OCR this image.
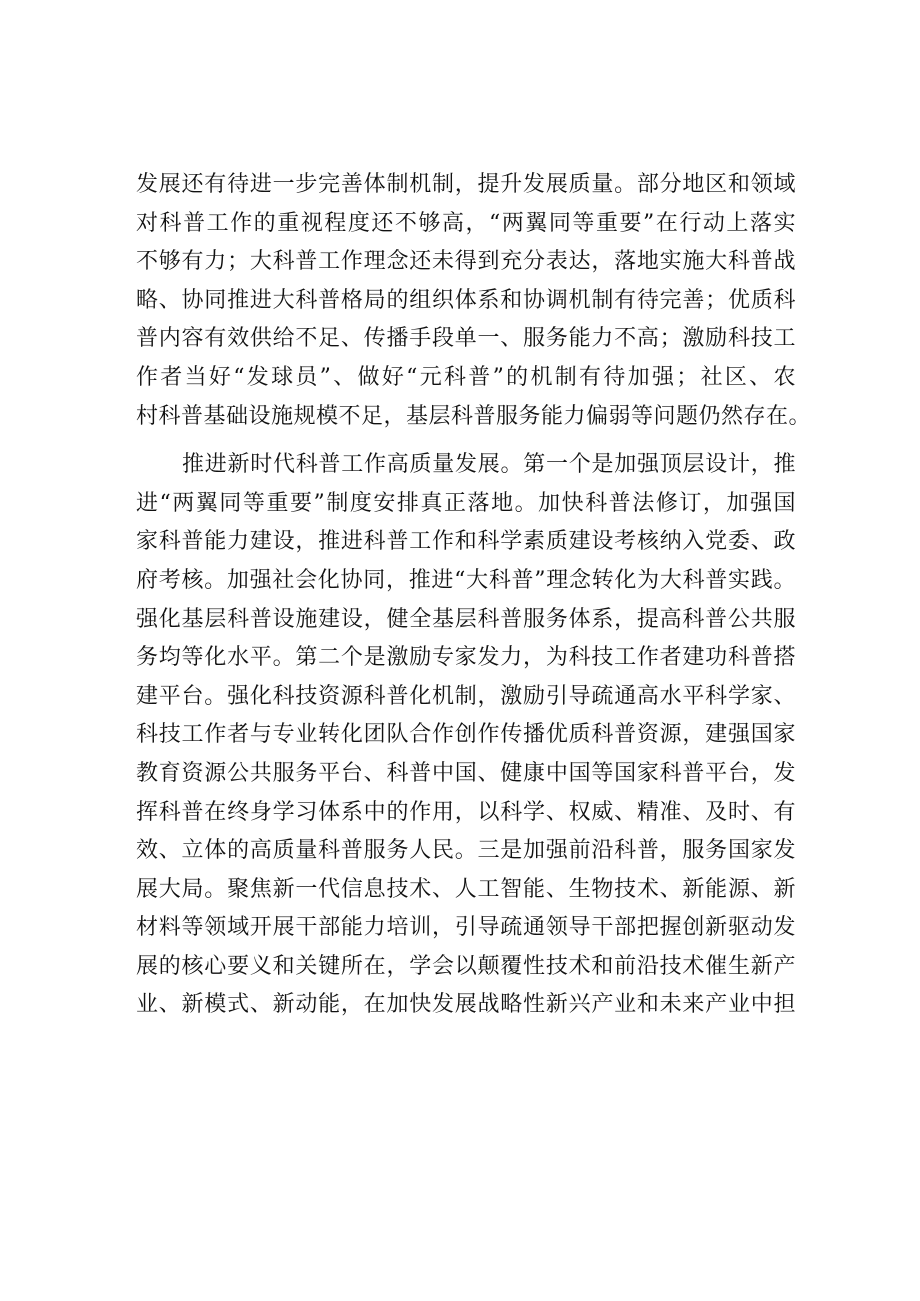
发展还有待进一步完善体制机制，提升发展质量。部分地区和领域
对科普工作的重视程度还不够高，“两翼同等重要”在行动上落实
不够有力；大科普工作理念还未得到充分表达，落地实施大科普战
略、协同推进大科普格局的组织体系和协调机制有待完善；优质科
普内容有效供给不足、传播手段单一、服务能力不高；激励科技工
作者当好“发球员”、做好“元科普”的机制有待加强；社区、农
村科普基础设施规模不足，基层科普服务能力偏弱等问题仍然存在。
推进新时代科普工作高质量发展。第一个是加强顶层设计，推
进“两翼同等重要”制度安排真正落地。加快科普法修订，加强国
家科普能力建设，推进科普工作和科学素质建设考核纳入党委、政
府考核。加强社会化协同，推进“大科普”理念转化为大科普实践。
强化基层科普设施建设，健全基层科普服务体系，提高科普公共服
务均等化水平。第二个是激励专家发力，为科技工作者建功科普搭
建平台。强化科技资源科普化机制，激励引导疏通高水平科学家、
科技工作者与专业转化团队合作创作传播优质科普资源，建强国家
教育资源公共服务平台、科普中国、健康中国等国家科普平台，发
挥科普在终身学习体系中的作用，以科学、权威、精准、及时、有
效、立体的高质量科普服务人民。三是加强前沿科普，服务国家发
展大局。聚焦新一代信息技术、人工智能、生物技术、新能源、新
材料等领域开展干部能力培训，引导疏通领导干部把握创新驱动发
展的核心要义和关键所在，学会以颠覆性技术和前沿技术催生新产
业、新模式、新动能，在加快发展战略性新兴产业和未来产业中担
